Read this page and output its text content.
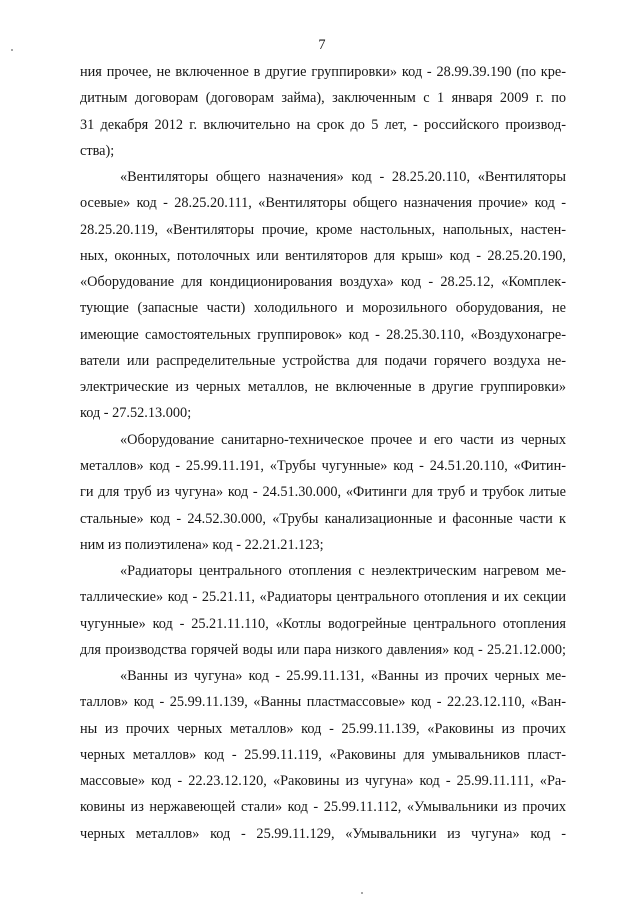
7
ния прочее, не включенное в другие группировки» код - 28.99.39.190 (по кре-
дитным договорам (договорам займа), заключенным с 1 января 2009 г. по
31 декабря 2012 г. включительно на срок до 5 лет, - российского производ-
ства);
«Вентиляторы общего назначения» код - 28.25.20.110, «Вентиляторы
осевые» код - 28.25.20.111, «Вентиляторы общего назначения прочие» код -
28.25.20.119, «Вентиляторы прочие, кроме настольных, напольных, настен-
ных, оконных, потолочных или вентиляторов для крыш» код - 28.25.20.190,
«Оборудование для кондиционирования воздуха» код - 28.25.12, «Комплек-
тующие (запасные части) холодильного и морозильного оборудования, не
имеющие самостоятельных группировок» код - 28.25.30.110, «Воздухонагре-
ватели или распределительные устройства для подачи горячего воздуха не-
электрические из черных металлов, не включенные в другие группировки»
код - 27.52.13.000;
«Оборудование санитарно-техническое прочее и его части из черных
металлов» код - 25.99.11.191, «Трубы чугунные» код - 24.51.20.110, «Фитин-
ги для труб из чугуна» код - 24.51.30.000, «Фитинги для труб и трубок литые
стальные» код - 24.52.30.000, «Трубы канализационные и фасонные части к
ним из полиэтилена» код - 22.21.21.123;
«Радиаторы центрального отопления с неэлектрическим нагревом ме-
таллические» код - 25.21.11, «Радиаторы центрального отопления и их секции
чугунные» код - 25.21.11.110, «Котлы водогрейные центрального отопления
для производства горячей воды или пара низкого давления» код - 25.21.12.000;
«Ванны из чугуна» код - 25.99.11.131, «Ванны из прочих черных ме-
таллов» код - 25.99.11.139, «Ванны пластмассовые» код - 22.23.12.110, «Ван-
ны из прочих черных металлов» код - 25.99.11.139, «Раковины из прочих
черных металлов» код - 25.99.11.119, «Раковины для умывальников пласт-
массовые» код - 22.23.12.120, «Раковины из чугуна» код - 25.99.11.111, «Ра-
ковины из нержавеющей стали» код - 25.99.11.112, «Умывальники из прочих
черных металлов» код - 25.99.11.129, «Умывальники из чугуна» код -
